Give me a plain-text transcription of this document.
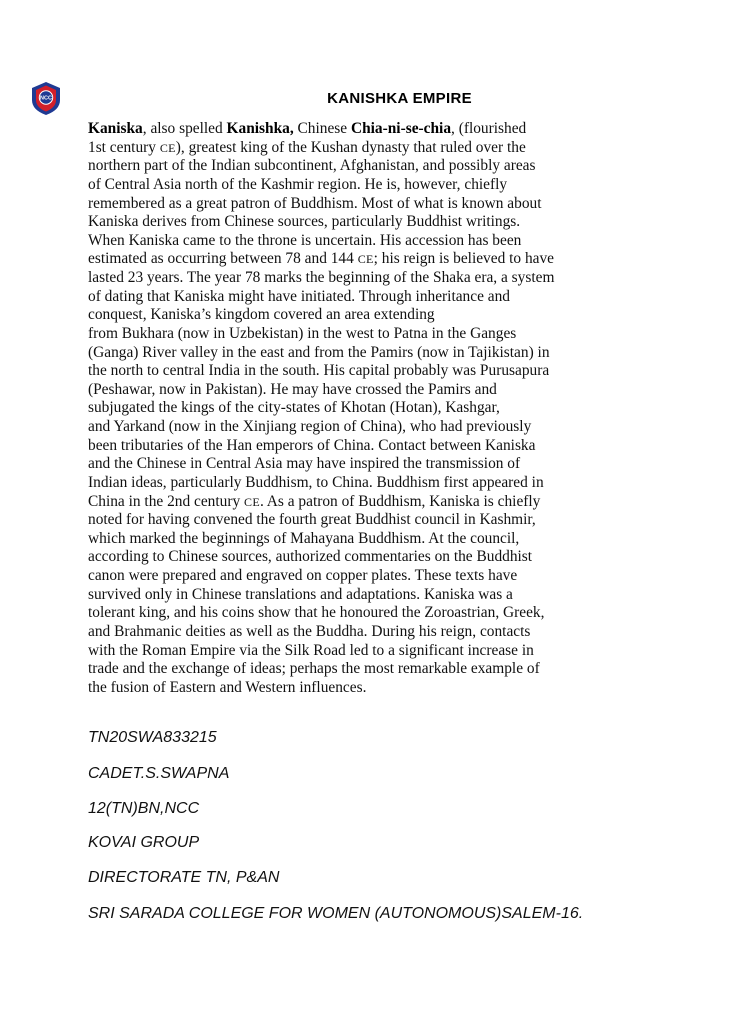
NCC	KANISHKA EMPIRE
Kaniska, also spelled Kanishka, Chinese Chia-ni-se-chia, (flourished
1st century CE), greatest king of the Kushan dynasty that ruled over the
northern part of the Indian subcontinent, Afghanistan, and possibly areas
of Central Asia north of the Kashmir region. He is, however, chiefly
remembered as a great patron of Buddhism. Most of what is known about
Kaniska derives from Chinese sources, particularly Buddhist writings.
When Kaniska came to the throne is uncertain. His accession has been
estimated as occurring between 78 and 144 CE; his reign is believed to have
lasted 23 years. The year 78 marks the beginning of the Shaka era, a system
of dating that Kaniska might have initiated. Through inheritance and
conquest, Kaniska’s kingdom covered an area extending
from Bukhara (now in Uzbekistan) in the west to Patna in the Ganges
(Ganga) River valley in the east and from the Pamirs (now in Tajikistan) in
the north to central India in the south. His capital probably was Purusapura
(Peshawar, now in Pakistan). He may have crossed the Pamirs and
subjugated the kings of the city-states of Khotan (Hotan), Kashgar,
and Yarkand (now in the Xinjiang region of China), who had previously
been tributaries of the Han emperors of China. Contact between Kaniska
and the Chinese in Central Asia may have inspired the transmission of
Indian ideas, particularly Buddhism, to China. Buddhism first appeared in
China in the 2nd century CE. As a patron of Buddhism, Kaniska is chiefly
noted for having convened the fourth great Buddhist council in Kashmir,
which marked the beginnings of Mahayana Buddhism. At the council,
according to Chinese sources, authorized commentaries on the Buddhist
canon were prepared and engraved on copper plates. These texts have
survived only in Chinese translations and adaptations. Kaniska was a
tolerant king, and his coins show that he honoured the Zoroastrian, Greek,
and Brahmanic deities as well as the Buddha. During his reign, contacts
with the Roman Empire via the Silk Road led to a significant increase in
trade and the exchange of ideas; perhaps the most remarkable example of
the fusion of Eastern and Western influences.
TN20SWA833215
CADET.S.SWAPNA
12(TN)BN,NCC
KOVAI GROUP
DIRECTORATE TN, P&AN
SRI SARADA COLLEGE FOR WOMEN (AUTONOMOUS)SALEM-16.
